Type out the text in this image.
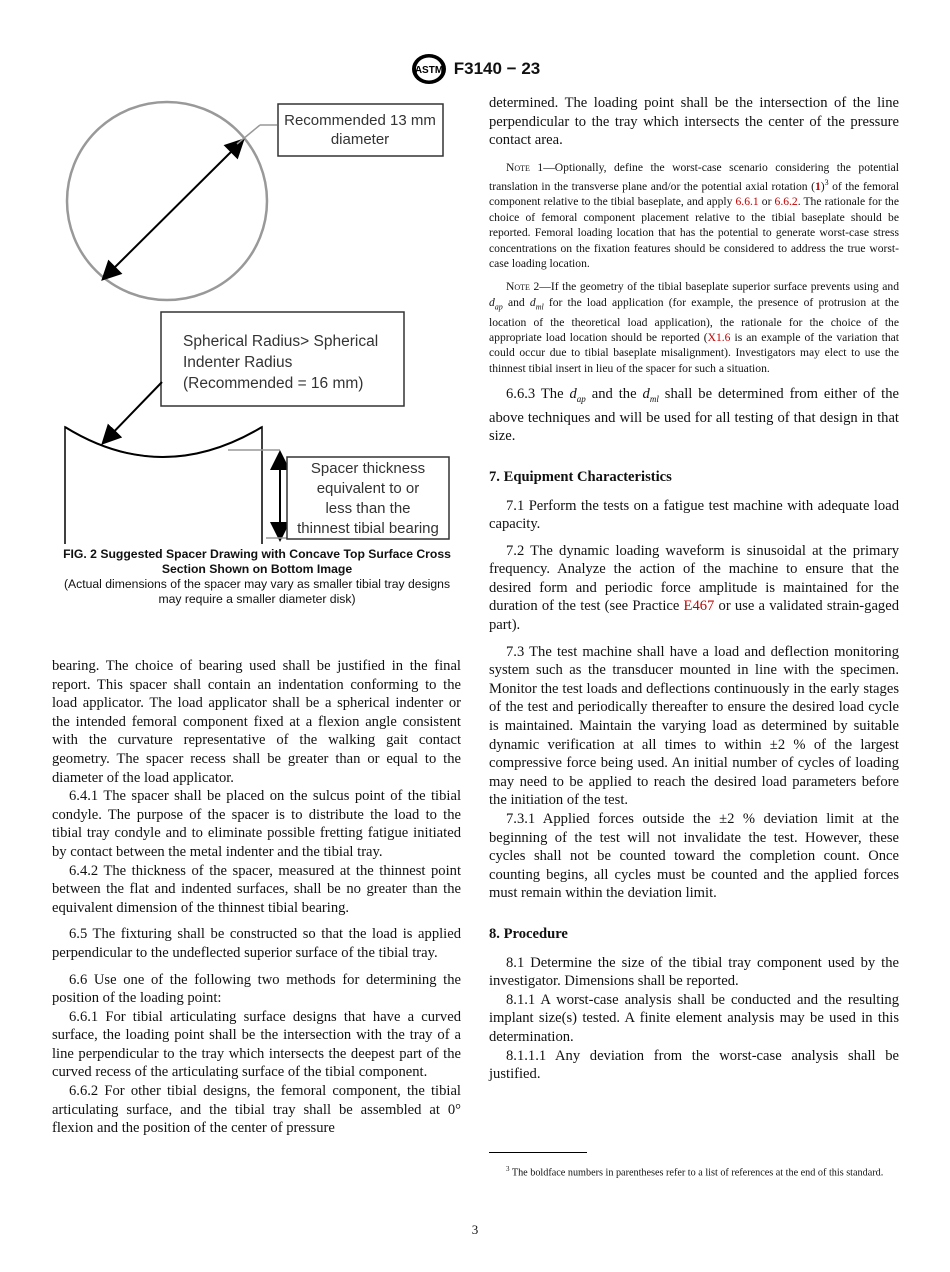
ASTM F3140 − 23
Recommended 13 mm
diameter
Spherical Radius> Spherical
Indenter Radius
(Recommended = 16 mm)
Spacer thickness
equivalent to or
less than the
thinnest tibial bearing
FIG. 2 Suggested Spacer Drawing with Concave Top Surface Cross Section Shown on Bottom Image
(Actual dimensions of the spacer may vary as smaller tibial tray designs may require a smaller diameter disk)

bearing. The choice of bearing used shall be justified in the final report. This spacer shall contain an indentation conforming to the load applicator. The load applicator shall be a spherical indenter or the intended femoral component fixed at a flexion angle consistent with the curvature representative of the walking gait contact geometry. The spacer recess shall be greater than or equal to the diameter of the load applicator.

6.4.1 The spacer shall be placed on the sulcus point of the tibial condyle. The purpose of the spacer is to distribute the load to the tibial tray condyle and to eliminate possible fretting fatigue initiated by contact between the metal indenter and the tibial tray.

6.4.2 The thickness of the spacer, measured at the thinnest point between the flat and indented surfaces, shall be no greater than the equivalent dimension of the thinnest tibial bearing.

6.5 The fixturing shall be constructed so that the load is applied perpendicular to the undeflected superior surface of the tibial tray.

6.6 Use one of the following two methods for determining the position of the loading point:

6.6.1 For tibial articulating surface designs that have a curved surface, the loading point shall be the intersection with the tray of a line perpendicular to the tray which intersects the deepest part of the curved recess of the articulating surface of the tibial component.

6.6.2 For other tibial designs, the femoral component, the tibial articulating surface, and the tibial tray shall be assembled at 0° flexion and the position of the center of pressure

determined. The loading point shall be the intersection of the line perpendicular to the tray which intersects the center of the pressure contact area.

Note 1—Optionally, define the worst-case scenario considering the potential translation in the transverse plane and/or the potential axial rotation $(1)^3$ of the femoral component relative to the tibial baseplate, and apply 6.6.1 or 6.6.2. The rationale for the choice of femoral component placement relative to the tibial baseplate should be reported. Femoral loading location that has the potential to generate worst-case stress concentrations on the fixation features should be considered to address the true worst-case loading location.

Note 2—If the geometry of the tibial baseplate superior surface prevents using and $d_{ap}$ and $d_{ml}$ for the load application (for example, the presence of protrusion at the location of the theoretical load application), the rationale for the choice of the appropriate load location should be reported (X1.6 is an example of the variation that could occur due to tibial baseplate misalignment). Investigators may elect to use the thinnest tibial insert in lieu of the spacer for such a situation.

6.6.3 The $d_{ap}$ and the $d_{ml}$ shall be determined from either of the above techniques and will be used for all testing of that design in that size.

7. Equipment Characteristics

7.1 Perform the tests on a fatigue test machine with adequate load capacity.

7.2 The dynamic loading waveform is sinusoidal at the primary frequency. Analyze the action of the machine to ensure that the desired form and periodic force amplitude is maintained for the duration of the test (see Practice E467 or use a validated strain-gaged part).

7.3 The test machine shall have a load and deflection monitoring system such as the transducer mounted in line with the specimen. Monitor the test loads and deflections continuously in the early stages of the test and periodically thereafter to ensure the desired load cycle is maintained. Maintain the varying load as determined by suitable dynamic verification at all times to within ±2 % of the largest compressive force being used. An initial number of cycles of loading may need to be applied to reach the desired load parameters before the initiation of the test.

7.3.1 Applied forces outside the ±2 % deviation limit at the beginning of the test will not invalidate the test. However, these cycles shall not be counted toward the completion count. Once counting begins, all cycles must be counted and the applied forces must remain within the deviation limit.

8. Procedure

8.1 Determine the size of the tibial tray component used by the investigator. Dimensions shall be reported.

8.1.1 A worst-case analysis shall be conducted and the resulting implant size(s) tested. A finite element analysis may be used in this determination.

8.1.1.1 Any deviation from the worst-case analysis shall be justified.

$^3$ The boldface numbers in parentheses refer to a list of references at the end of this standard.
3
